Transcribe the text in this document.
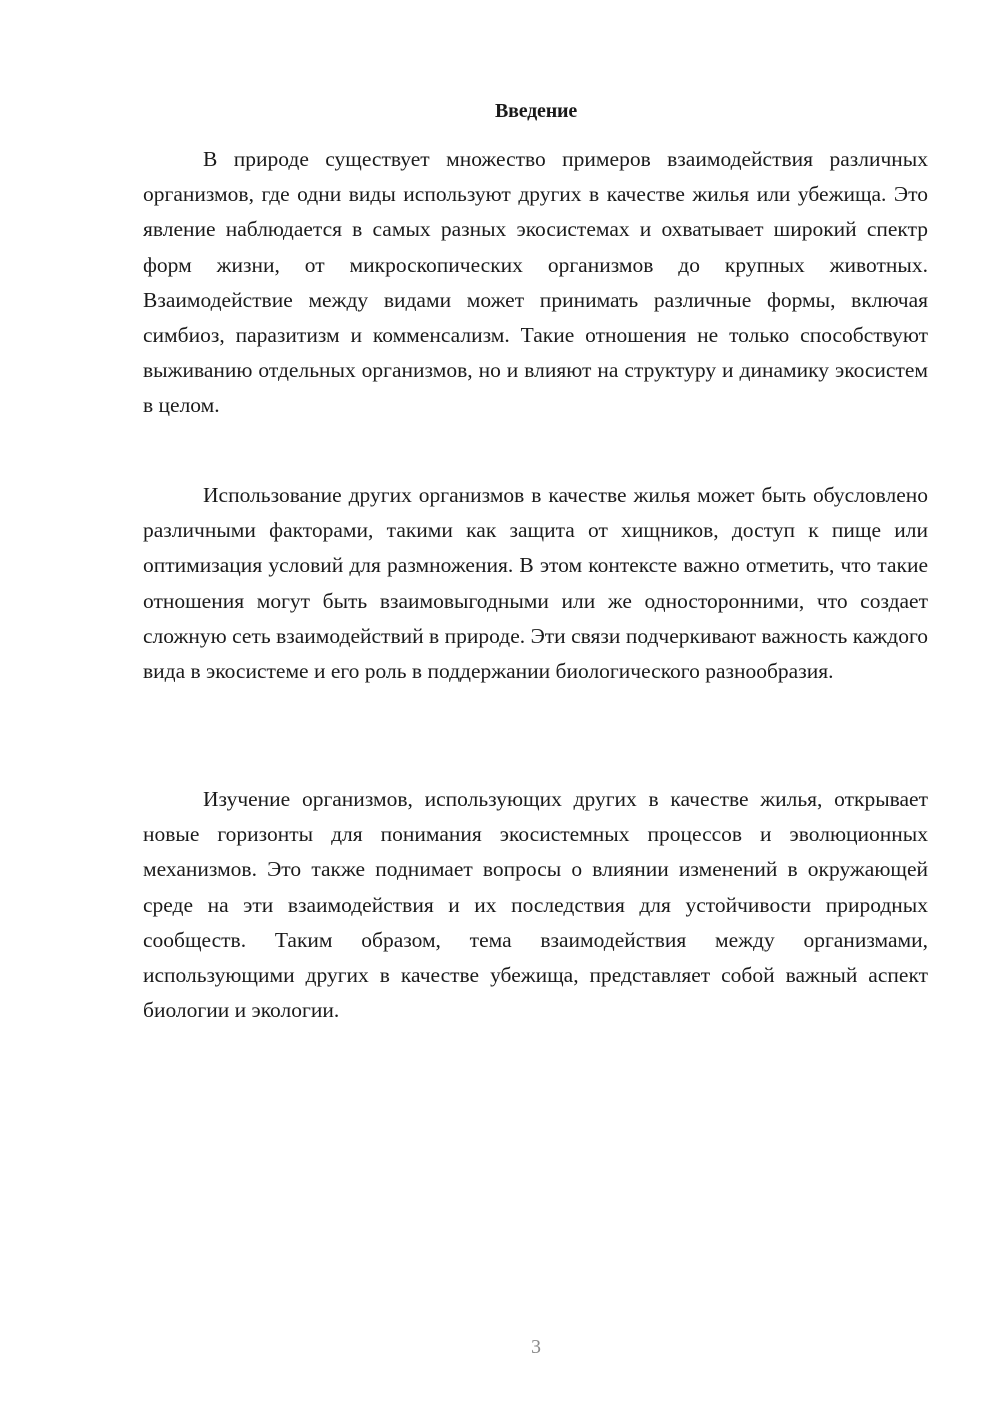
Введение

В природе существует множество примеров взаимодействия различных организмов, где одни виды используют других в качестве жилья или убежища. Это явление наблюдается в самых разных экосистемах и охватывает широкий спектр форм жизни, от микроскопических организмов до крупных животных. Взаимодействие между видами может принимать различные формы, включая симбиоз, паразитизм и комменсализм. Такие отношения не только способствуют выживанию отдельных организмов, но и влияют на структуру и динамику экосистем в целом.

Использование других организмов в качестве жилья может быть обусловлено различными факторами, такими как защита от хищников, доступ к пище или оптимизация условий для размножения. В этом контексте важно отметить, что такие отношения могут быть взаимовыгодными или же односторонними, что создает сложную сеть взаимодействий в природе. Эти связи подчеркивают важность каждого вида в экосистеме и его роль в поддержании биологического разнообразия.

Изучение организмов, использующих других в качестве жилья, открывает новые горизонты для понимания экосистемных процессов и эволюционных механизмов. Это также поднимает вопросы о влиянии изменений в окружающей среде на эти взаимодействия и их последствия для устойчивости природных сообществ. Таким образом, тема взаимодействия между организмами, использующими других в качестве убежища, представляет собой важный аспект биологии и экологии.

3
